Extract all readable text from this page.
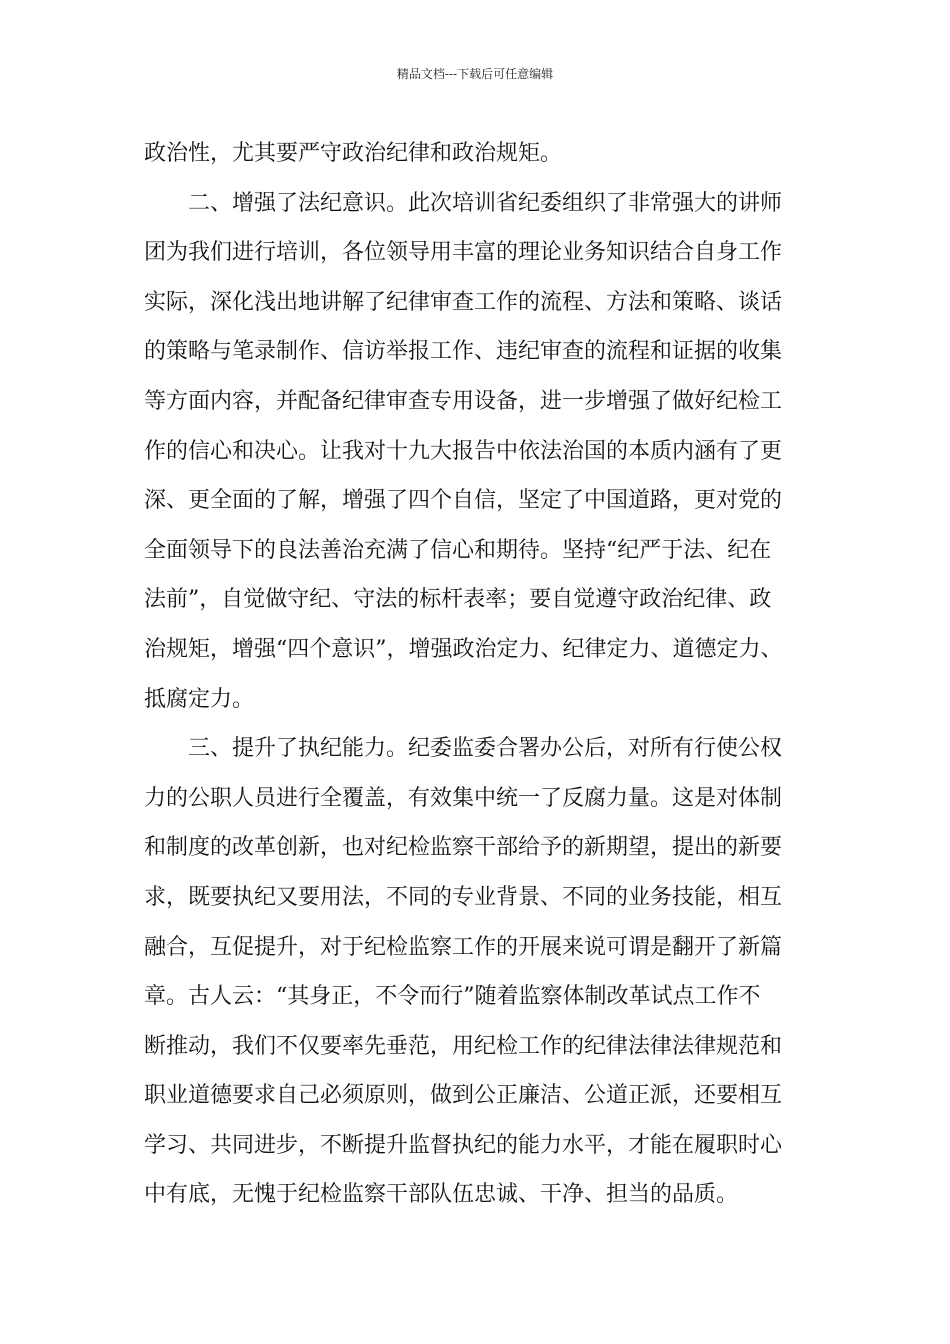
精品文档---下载后可任意编辑
政治性，尤其要严守政治纪律和政治规矩。
二、增强了法纪意识。此次培训省纪委组织了非常强大的讲师
团为我们进行培训，各位领导用丰富的理论业务知识结合自身工作
实际，深化浅出地讲解了纪律审查工作的流程、方法和策略、谈话
的策略与笔录制作、信访举报工作、违纪审查的流程和证据的收集
等方面内容，并配备纪律审查专用设备，进一步增强了做好纪检工
作的信心和决心。让我对十九大报告中依法治国的本质内涵有了更
深、更全面的了解，增强了四个自信，坚定了中国道路，更对党的
全面领导下的良法善治充满了信心和期待。坚持“纪严于法、纪在
法前”，自觉做守纪、守法的标杆表率；要自觉遵守政治纪律、政
治规矩，增强“四个意识”，增强政治定力、纪律定力、道德定力、
抵腐定力。
三、提升了执纪能力。纪委监委合署办公后，对所有行使公权
力的公职人员进行全覆盖，有效集中统一了反腐力量。这是对体制
和制度的改革创新，也对纪检监察干部给予的新期望，提出的新要
求，既要执纪又要用法，不同的专业背景、不同的业务技能，相互
融合，互促提升，对于纪检监察工作的开展来说可谓是翻开了新篇
章。古人云：“其身正，不令而行”随着监察体制改革试点工作不
断推动，我们不仅要率先垂范，用纪检工作的纪律法律法律规范和
职业道德要求自己必须原则，做到公正廉洁、公道正派，还要相互
学习、共同进步，不断提升监督执纪的能力水平，才能在履职时心
中有底，无愧于纪检监察干部队伍忠诚、干净、担当的品质。
